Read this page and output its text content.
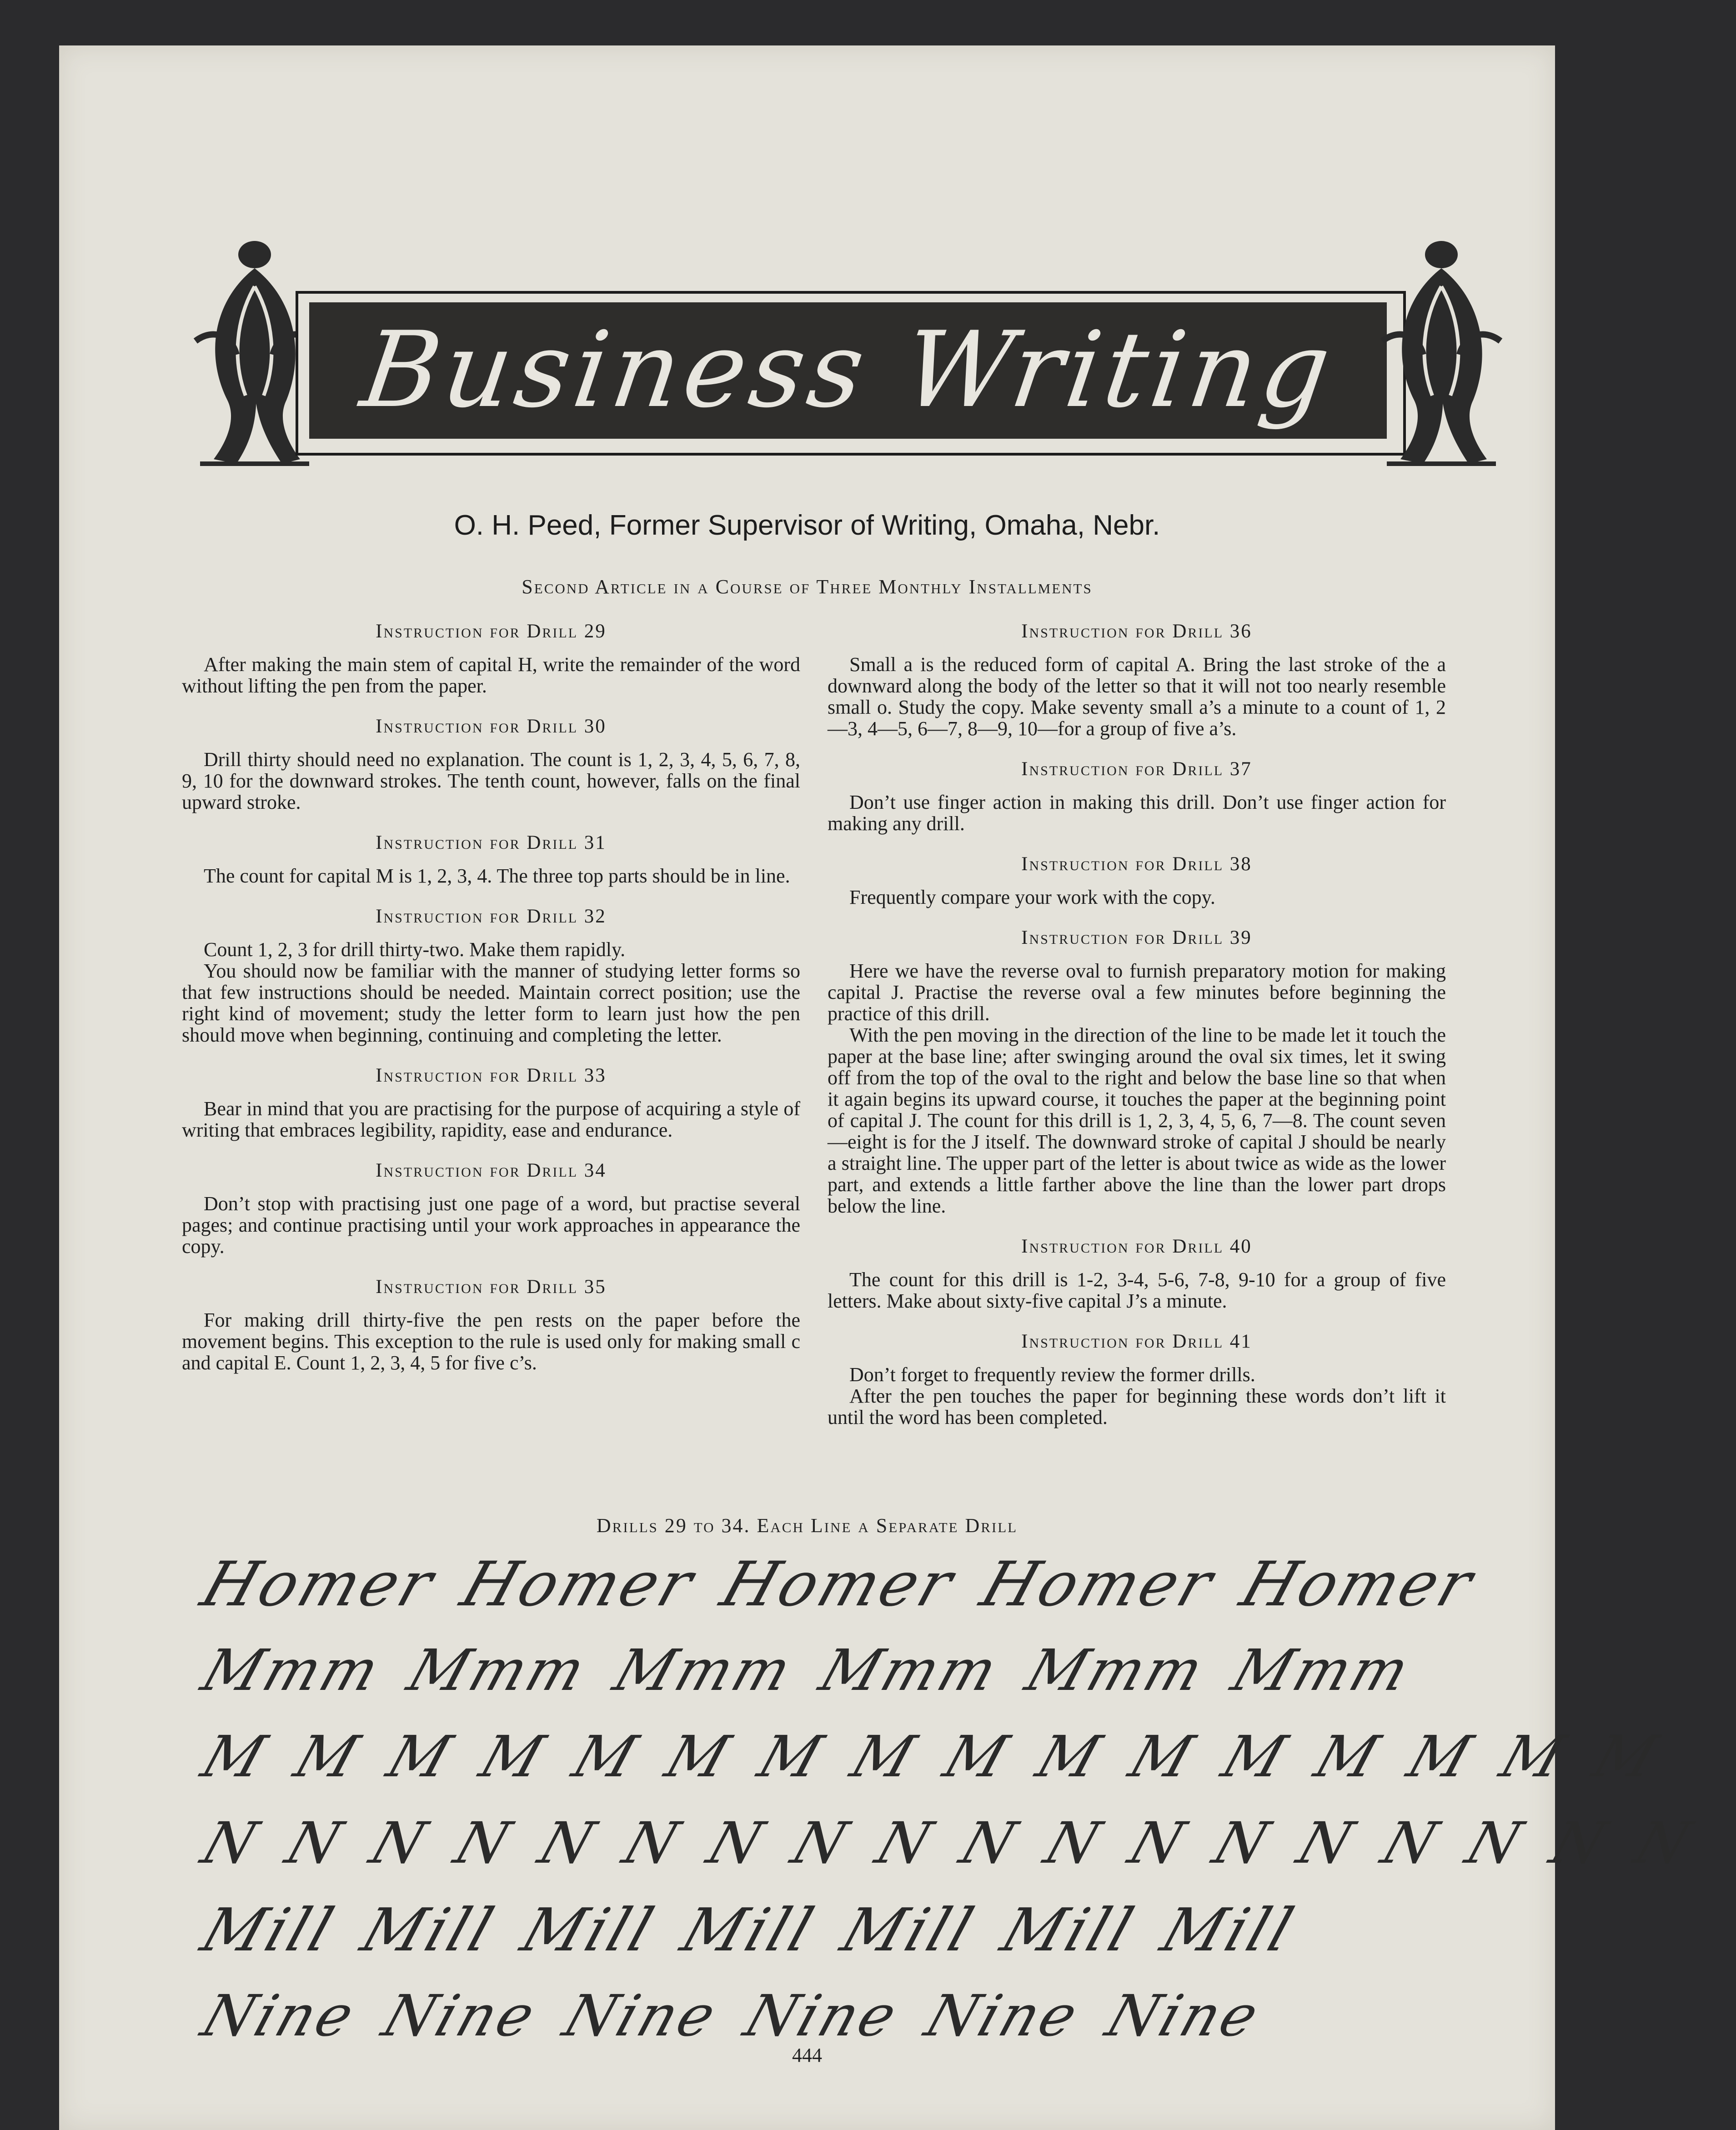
Business Writing
O. H. Peed, Former Supervisor of Writing, Omaha, Nebr.
Second Article in a Course of Three Monthly Installments
Instruction for Drill 29

After making the main stem of capital H, write the remainder of the word without lifting the pen from the paper.

Instruction for Drill 30

Drill thirty should need no explanation. The count is 1, 2, 3, 4, 5, 6, 7, 8, 9, 10 for the downward strokes. The tenth count, however, falls on the final upward stroke.

Instruction for Drill 31

The count for capital M is 1, 2, 3, 4. The three top parts should be in line.

Instruction for Drill 32

Count 1, 2, 3 for drill thirty-two. Make them rapidly.

You should now be familiar with the manner of studying letter forms so that few instructions should be needed. Maintain correct position; use the right kind of movement; study the letter form to learn just how the pen should move when beginning, continuing and completing the letter.

Instruction for Drill 33

Bear in mind that you are practising for the purpose of acquiring a style of writing that embraces legibility, rapidity, ease and endurance.

Instruction for Drill 34

Don’t stop with practising just one page of a word, but practise several pages; and continue practising until your work approaches in appearance the copy.

Instruction for Drill 35

For making drill thirty-five the pen rests on the paper before the movement begins. This exception to the rule is used only for making small c and capital E. Count 1, 2, 3, 4, 5 for five c’s.

Instruction for Drill 36

Small a is the reduced form of capital A. Bring the last stroke of the a downward along the body of the letter so that it will not too nearly resemble small o. Study the copy. Make seventy small a’s a minute to a count of 1, 2—3, 4—5, 6—7, 8—9, 10—for a group of five a’s.

Instruction for Drill 37

Don’t use finger action in making this drill. Don’t use finger action for making any drill.

Instruction for Drill 38

Frequently compare your work with the copy.

Instruction for Drill 39

Here we have the reverse oval to furnish preparatory motion for making capital J. Practise the reverse oval a few minutes before beginning the practice of this drill.

With the pen moving in the direction of the line to be made let it touch the paper at the base line; after swinging around the oval six times, let it swing off from the top of the oval to the right and below the base line so that when it again begins its upward course, it touches the paper at the beginning point of capital J. The count for this drill is 1, 2, 3, 4, 5, 6, 7—8. The count seven—eight is for the J itself. The downward stroke of capital J should be nearly a straight line. The upper part of the letter is about twice as wide as the lower part, and extends a little farther above the line than the lower part drops below the line.

Instruction for Drill 40

The count for this drill is 1-2, 3-4, 5-6, 7-8, 9-10 for a group of five letters. Make about sixty-five capital J’s a minute.

Instruction for Drill 41

Don’t forget to frequently review the former drills.

After the pen touches the paper for beginning these words don’t lift it until the word has been completed.

Drills 29 to 34. Each Line a Separate Drill
Homer Homer Homer Homer Homer
Mmm Mmm Mmm Mmm Mmm Mmm
M M M M M M M M M M M M M M M M
N N N N N N N N N N N N N N N N N N
Mill Mill Mill Mill Mill Mill Mill
Nine Nine Nine Nine Nine Nine
444
